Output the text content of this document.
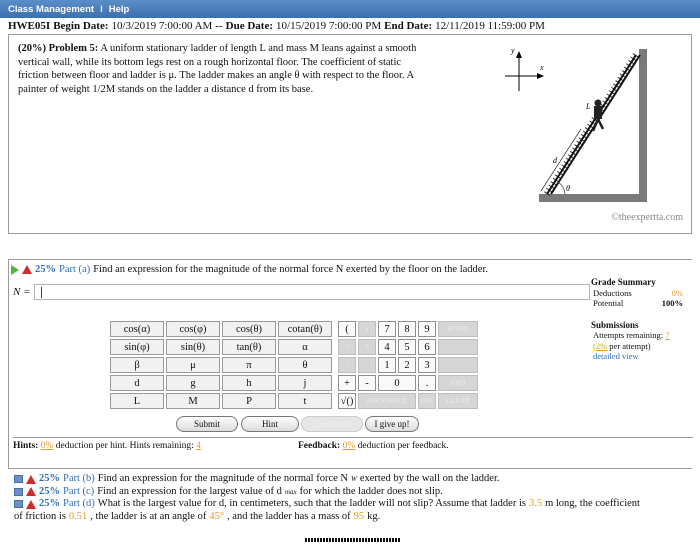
Class Management I Help
HWE05I Begin Date: 10/3/2019 7:00:00 AM -- Due Date: 10/15/2019 7:00:00 PM End Date: 12/11/2019 11:59:00 PM
(20%) Problem 5: A uniform stationary ladder of length L and mass M leans against a smooth vertical wall, while its bottom legs rest on a rough horizontal floor. The coefficient of static friction between floor and ladder is μ. The ladder makes an angle θ with respect to the floor. A painter of weight 1/2M stands on the ladder a distance d from its base.
y
x
L
d
θ
©theexpertta.com
25% Part (a) Find an expression for the magnitude of the normal force N exerted by the floor on the ladder.
N =
Grade Summary
Deductions	0%
Potential	100%
Submissions
Attempts remaining: 7
(2% per attempt)
detailed view
cos(α)	cos(φ)	cos(θ)	cotan(θ)
sin(φ)	sin(θ)	tan(θ)	α
β	μ	π	θ
d	g	h	j
L	M	P	t
(	)	7	8	9	HOME
^	*	4	5	6
/	1	2	3
+	-	0	.	END
√()	BACKSPACE	DEL	CLEAR
Submit	Hint	Feedback	I give up!
Hints: 0% deduction per hint. Hints remaining: 4	Feedback: 0% deduction per feedback.
25% Part (b) Find an expression for the magnitude of the normal force N W exerted by the wall on the ladder.
25% Part (c) Find an expression for the largest value of d max for which the ladder does not slip.
25% Part (d) What is the largest value for d, in centimeters, such that the ladder will not slip? Assume that ladder is 3.5 m long, the coefficient
of friction is 0.51 , the ladder is at an angle of 45° , and the ladder has a mass of 95 kg.
